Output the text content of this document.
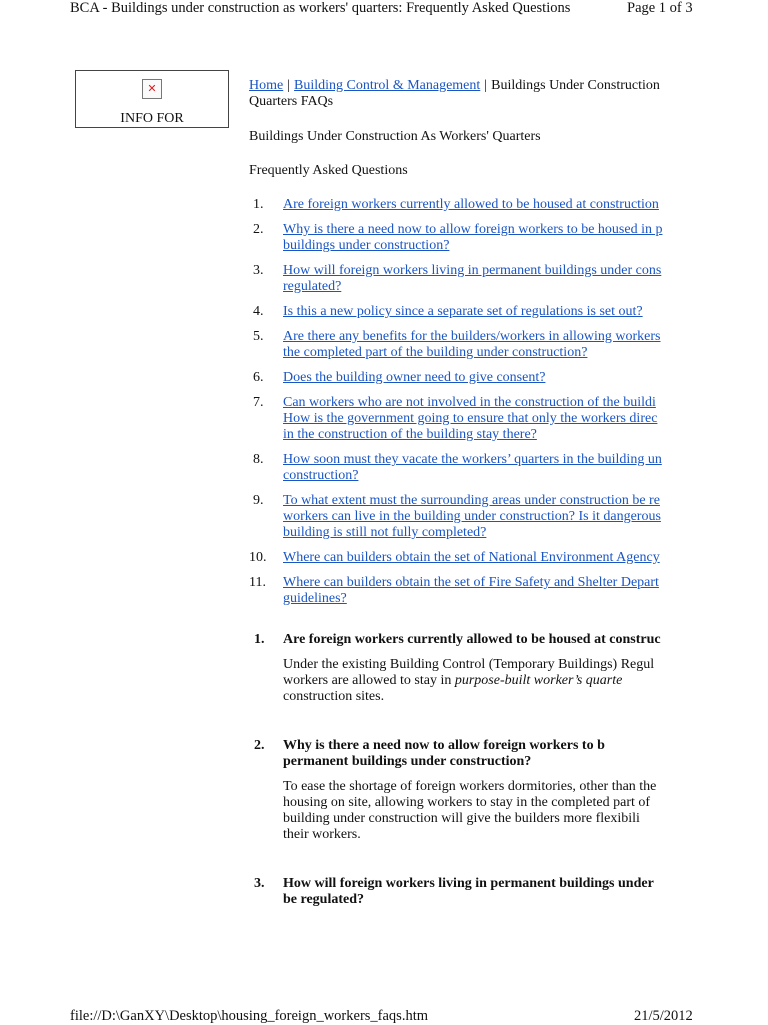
BCA - Buildings under construction as workers' quarters: Frequently Asked Questions	Page 1 of 3
✕
INFO FOR

Home | Building Control & Management | Buildings Under Construction

Quarters FAQs

Buildings Under Construction As Workers' Quarters

Frequently Asked Questions

1. Are foreign workers currently allowed to be housed at construction
2. Why is there a need now to allow foreign workers to be housed in p
buildings under construction?
3. How will foreign workers living in permanent buildings under cons
regulated?
4. Is this a new policy since a separate set of regulations is set out?
5. Are there any benefits for the builders/workers in allowing workers
the completed part of the building under construction?
6. Does the building owner need to give consent?
7. Can workers who are not involved in the construction of the buildi
How is the government going to ensure that only the workers direc
in the construction of the building stay there?
8. How soon must they vacate the workers’ quarters in the building un
construction?
9. To what extent must the surrounding areas under construction be re
workers can live in the building under construction? Is it dangerous
building is still not fully completed?
10. Where can builders obtain the set of National Environment Agency
11. Where can builders obtain the set of Fire Safety and Shelter Depart
guidelines?
1. Are foreign workers currently allowed to be housed at construc
Under the existing Building Control (Temporary Buildings) Regul
workers are allowed to stay in purpose-built worker’s quarte
construction sites.
2. Why is there a need now to allow foreign workers to b
permanent buildings under construction?
To ease the shortage of foreign workers dormitories, other than the
housing on site, allowing workers to stay in the completed part of
building under construction will give the builders more flexibili
their workers.
3. How will foreign workers living in permanent buildings under
be regulated?
file://D:\GanXY\Desktop\housing_foreign_workers_faqs.htm	21/5/2012
